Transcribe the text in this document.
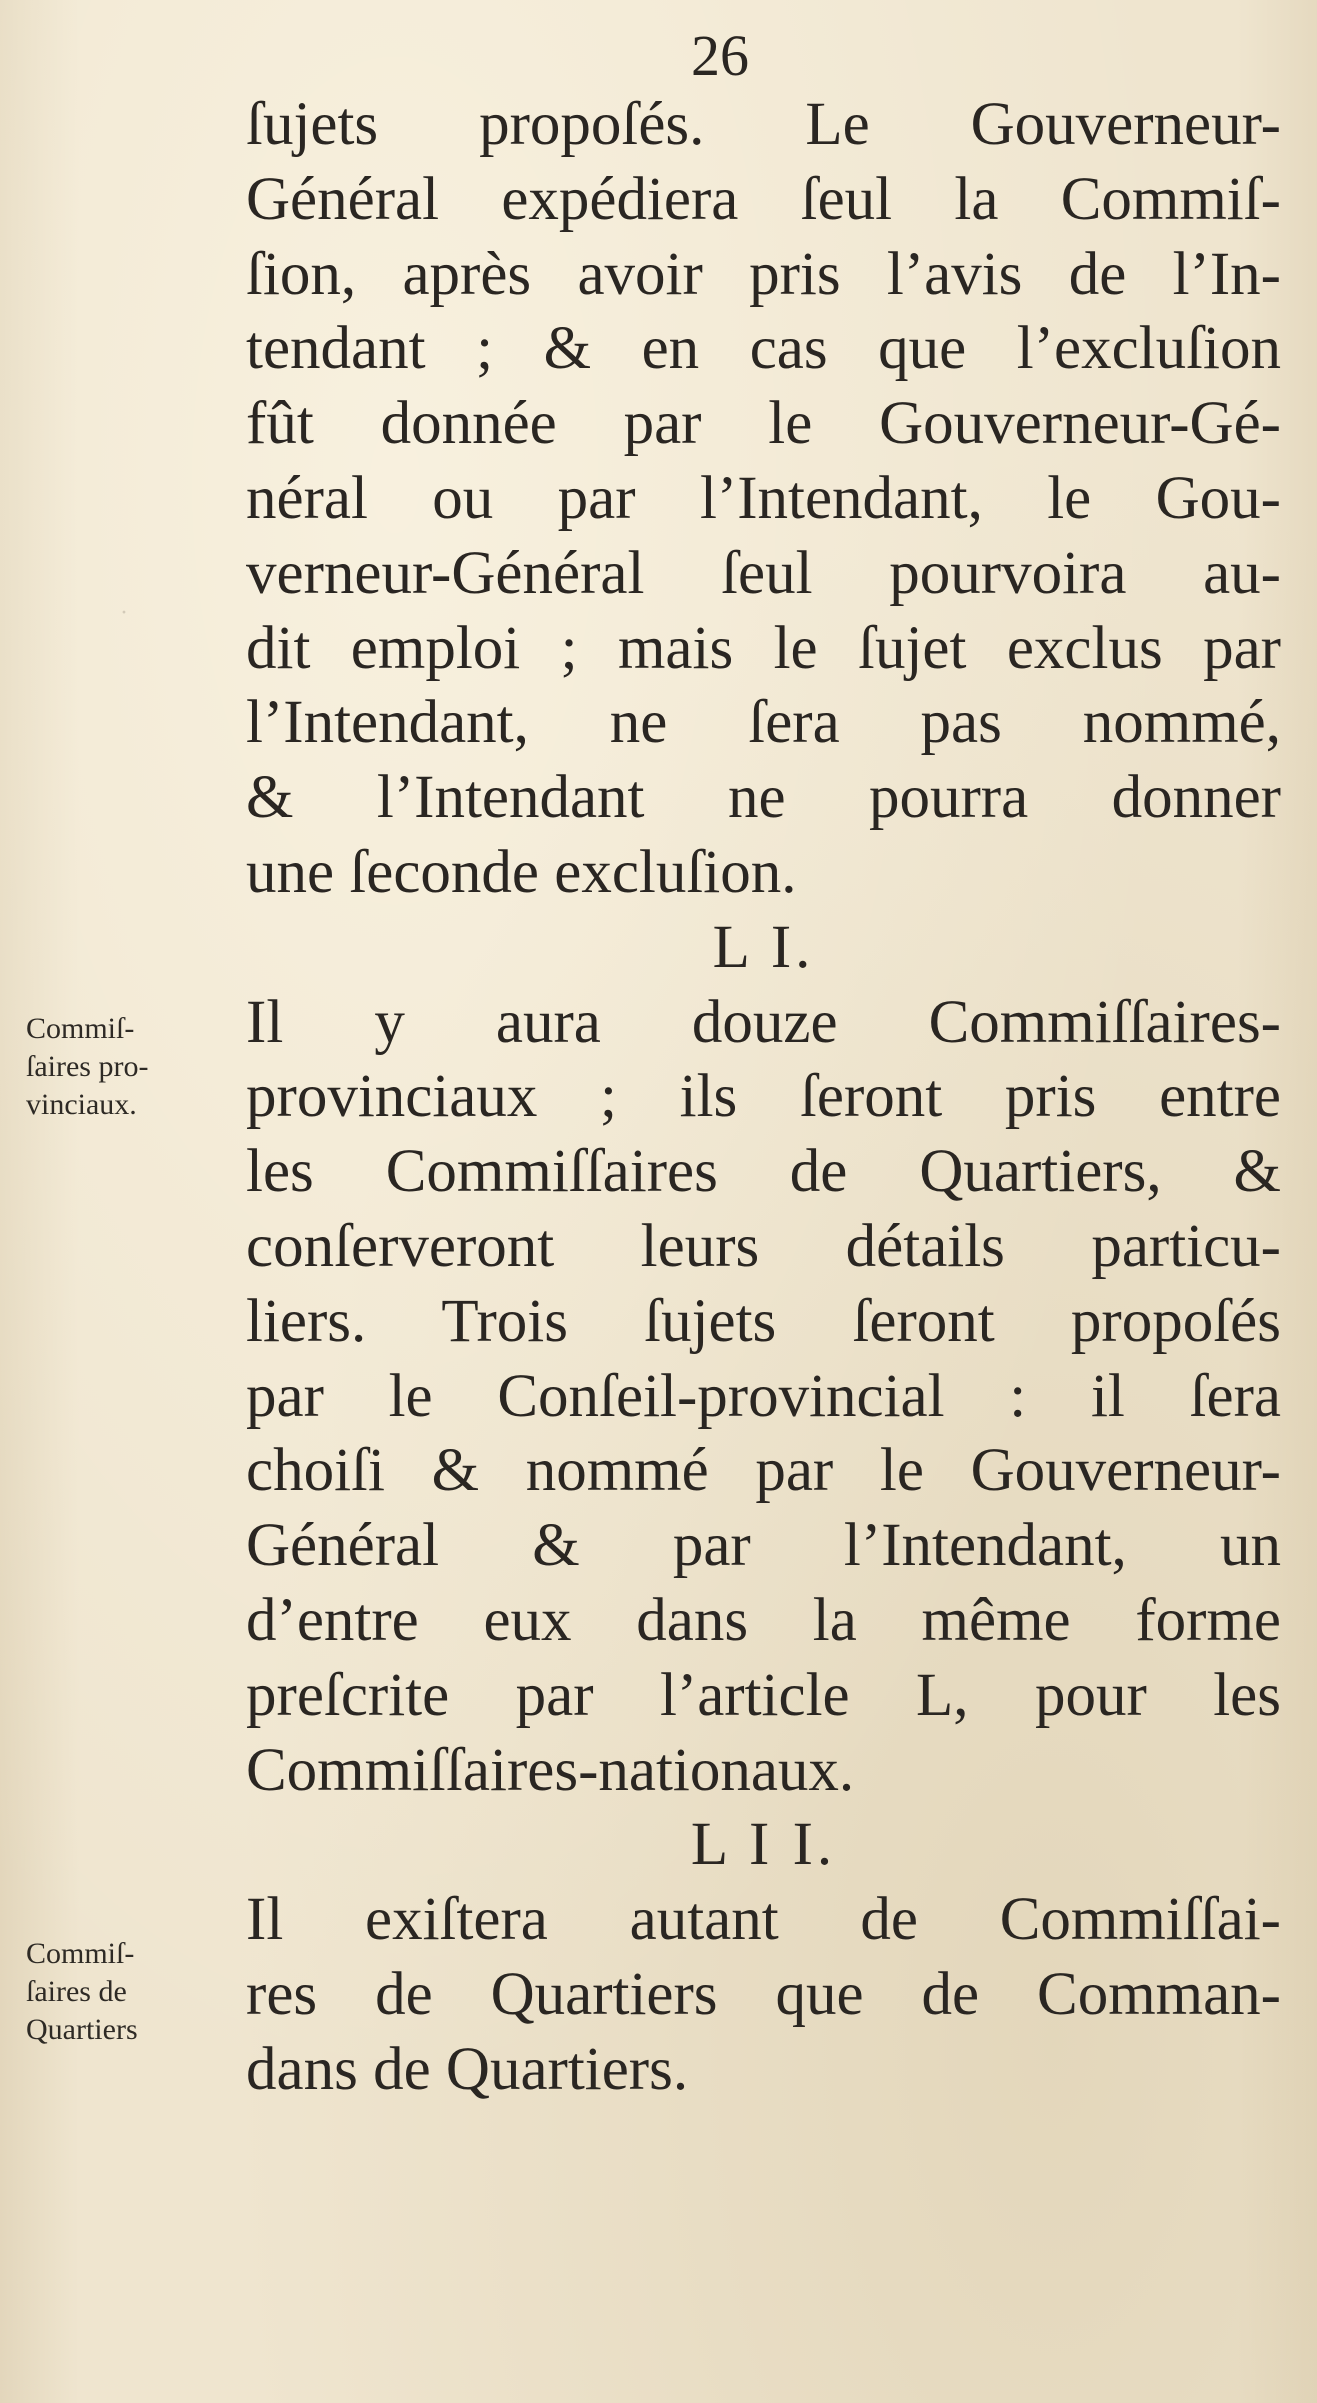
26
·
ſujets propoſés. Le Gouverneur-
Général expédiera ſeul la Commiſ-
ſion, après avoir pris l’avis de l’In-
tendant ; & en cas que l’excluſion
fût donnée par le Gouverneur-Gé-
néral ou par l’Intendant, le Gou-
verneur-Général ſeul pourvoira au-
dit emploi ; mais le ſujet exclus par
l’Intendant, ne ſera pas nommé,
& l’Intendant ne pourra donner
une ſeconde excluſion.
L I.
Il y aura douze Commiſſaires-
provinciaux ; ils ſeront pris entre
les Commiſſaires de Quartiers, &
conſerveront leurs détails particu-
liers. Trois ſujets ſeront propoſés
par le Conſeil-provincial : il ſera
choiſi & nommé par le Gouverneur-
Général & par l’Intendant, un
d’entre eux dans la même forme
preſcrite par l’article L, pour les
Commiſſaires-nationaux.
L I I.
Il exiſtera autant de Commiſſai-
res de Quartiers que de Comman-
dans de Quartiers.
Commiſ-
ſaires pro-
vinciaux.
Commiſ-
ſaires de
Quartiers
